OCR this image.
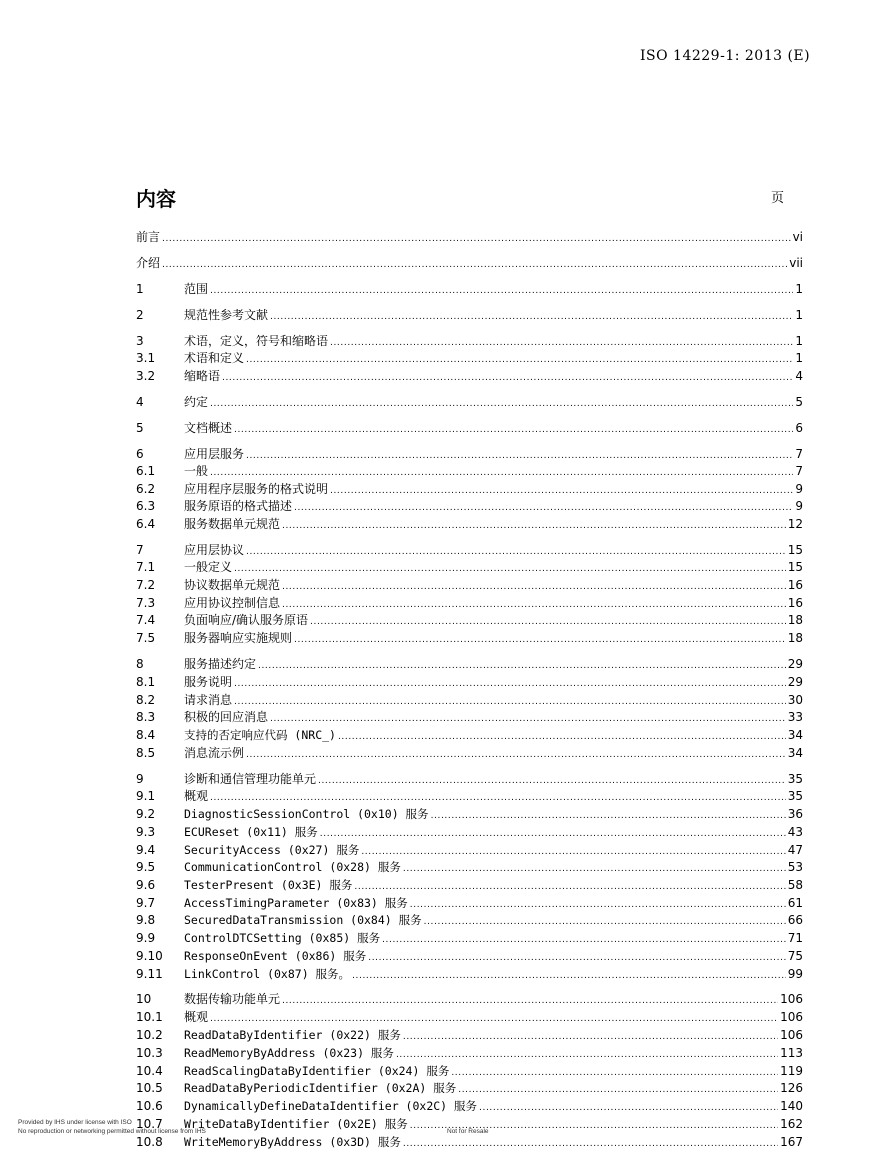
ISO 14229-1: 2013 (E)
内容	页
前言 .....	vi
介绍 .....	vii
1	范围 .....	1
2	规范性参考文献 .....	1
3	术语，定义，符号和缩略语 .....	1
3.1	术语和定义 .....	1
3.2	缩略语 .....	4
4	约定 .....	5
5	文档概述 .....	6
6	应用层服务 .....	7
6.1	一般 .....	7
6.2	应用程序层服务的格式说明 .....	9
6.3	服务原语的格式描述 .....	9
6.4	服务数据单元规范 .....	12
7	应用层协议 .....	15
7.1	一般定义 .....	15
7.2	协议数据单元规范 .....	16
7.3	应用协议控制信息 .....	16
7.4	负面响应/确认服务原语 .....	18
7.5	服务器响应实施规则 .....	18
8	服务描述约定 .....	29
8.1	服务说明 .....	29
8.2	请求消息 .....	30
8.3	积极的回应消息 .....	33
8.4	支持的否定响应代码 (NRC_) .....	34
8.5	消息流示例 .....	34
9	诊断和通信管理功能单元 .....	35
9.1	概观 .....	35
9.2	DiagnosticSessionControl (0x10) 服务 .....	36
9.3	ECUReset (0x11) 服务 .....	43
9.4	SecurityAccess (0x27) 服务 .....	47
9.5	CommunicationControl (0x28) 服务 .....	53
9.6	TesterPresent (0x3E) 服务 .....	58
9.7	AccessTimingParameter (0x83) 服务 .....	61
9.8	SecuredDataTransmission (0x84) 服务 .....	66
9.9	ControlDTCSetting (0x85) 服务 .....	71
9.10	ResponseOnEvent (0x86) 服务 .....	75
9.11	LinkControl (0x87) 服务。 .....	99
10	数据传输功能单元 .....	106
10.1	概观 .....	106
10.2	ReadDataByIdentifier (0x22) 服务 .....	106
10.3	ReadMemoryByAddress (0x23) 服务 .....	113
10.4	ReadScalingDataByIdentifier (0x24) 服务 .....	119
10.5	ReadDataByPeriodicIdentifier (0x2A) 服务 .....	126
10.6	DynamicallyDefineDataIdentifier (0x2C) 服务 .....	140
10.7	WriteDataByIdentifier (0x2E) 服务 .....	162
10.8	WriteMemoryByAddress (0x3D) 服务 .....	167
Provided by IHS under license with ISO
No reproduction or networking permitted without license from IHS	Not for Resale
